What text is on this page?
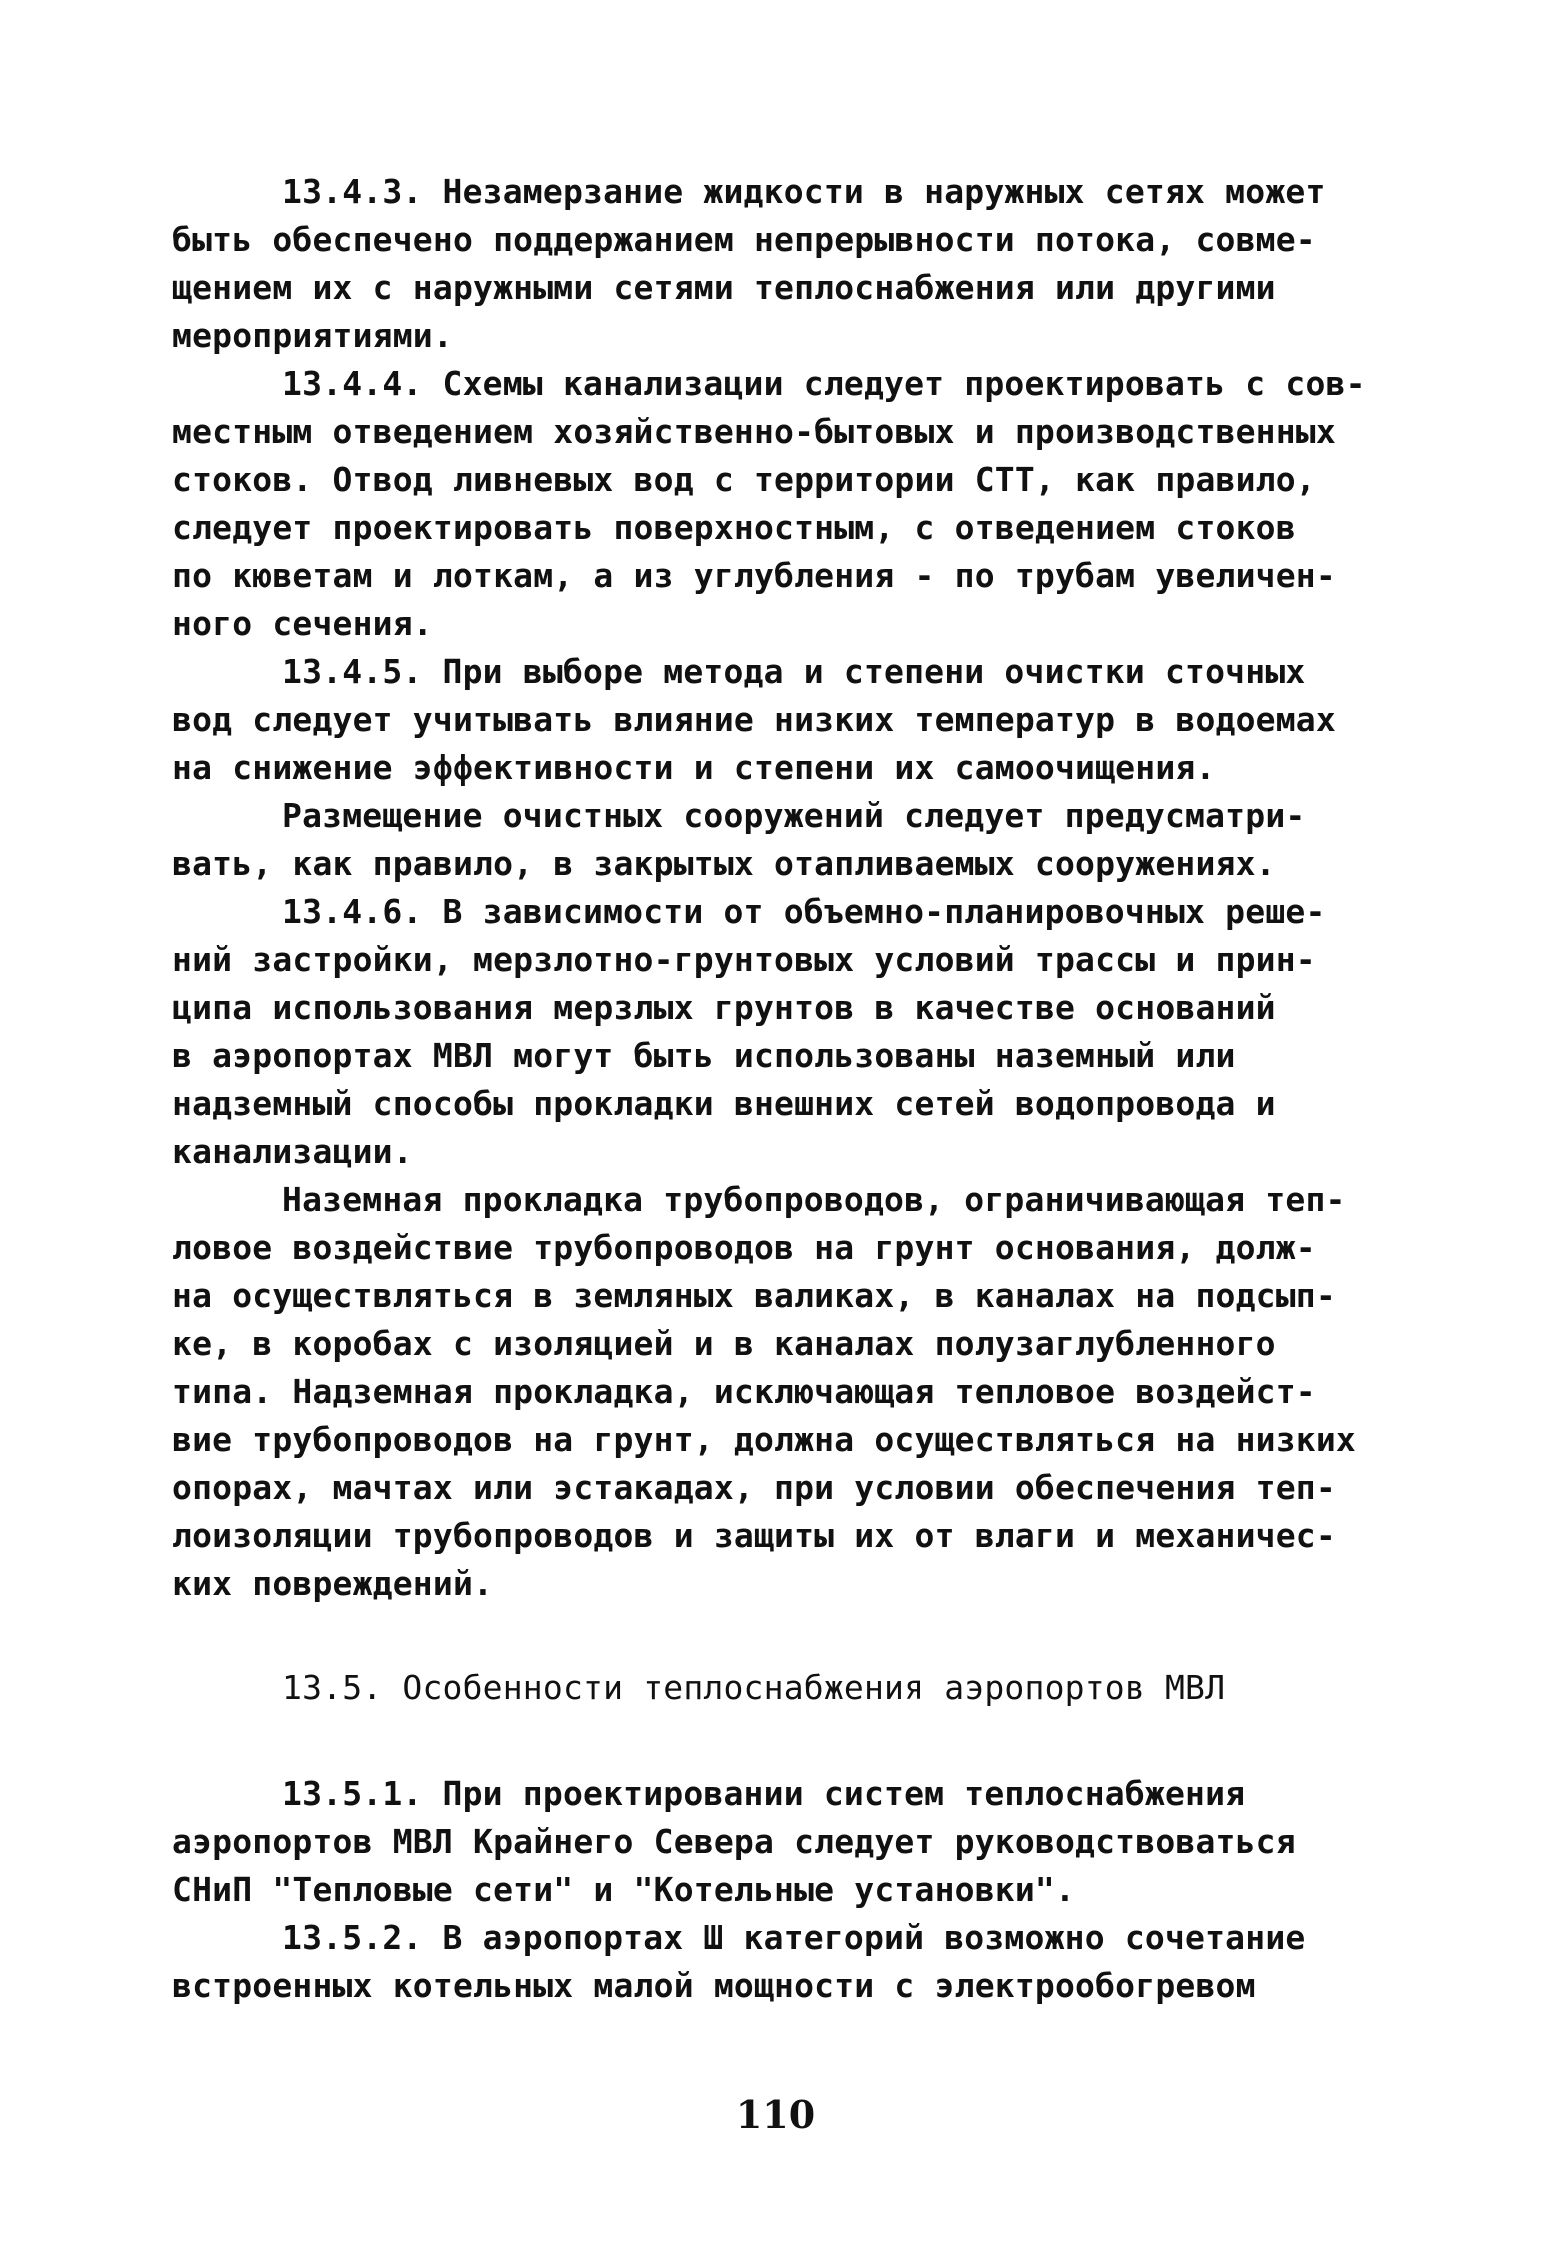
13.4.3. Незамерзание жидкости в наружных сетях может
быть обеспечено поддержанием непрерывности потока, совме-
щением их с наружными сетями теплоснабжения или другими
мероприятиями.
13.4.4. Схемы канализации следует проектировать с сов-
местным отведением хозяйственно-бытовых и производственных
стоков. Отвод ливневых вод с территории СТТ, как правило,
следует проектировать поверхностным, с отведением стоков
по кюветам и лоткам, а из углубления - по трубам увеличен-
ного сечения.
13.4.5. При выборе метода и степени очистки сточных
вод следует учитывать влияние низких температур в водоемах
на снижение эффективности и степени их самоочищения.
Размещение очистных сооружений следует предусматри-
вать, как правило, в закрытых отапливаемых сооружениях.
13.4.6. В зависимости от объемно-планировочных реше-
ний застройки, мерзлотно-грунтовых условий трассы и прин-
ципа использования мерзлых грунтов в качестве оснований
в аэропортах МВЛ могут быть использованы наземный или
надземный способы прокладки внешних сетей водопровода и
канализации.
Наземная прокладка трубопроводов, ограничивающая теп-
ловое воздействие трубопроводов на грунт основания, долж-
на осуществляться в земляных валиках, в каналах на подсып-
ке, в коробах с изоляцией и в каналах полузаглубленного
типа. Надземная прокладка, исключающая тепловое воздейст-
вие трубопроводов на грунт, должна осуществляться на низких
опорах, мачтах или эстакадах, при условии обеспечения теп-
лоизоляции трубопроводов и защиты их от влаги и механичес-
ких повреждений.
13.5. Особенности теплоснабжения аэропортов МВЛ
13.5.1. При проектировании систем теплоснабжения
аэропортов МВЛ Крайнего Севера следует руководствоваться
СНиП "Тепловые сети" и "Котельные установки".
13.5.2. В аэропортах Ш категорий возможно сочетание
встроенных котельных малой мощности с электрообогревом
110
